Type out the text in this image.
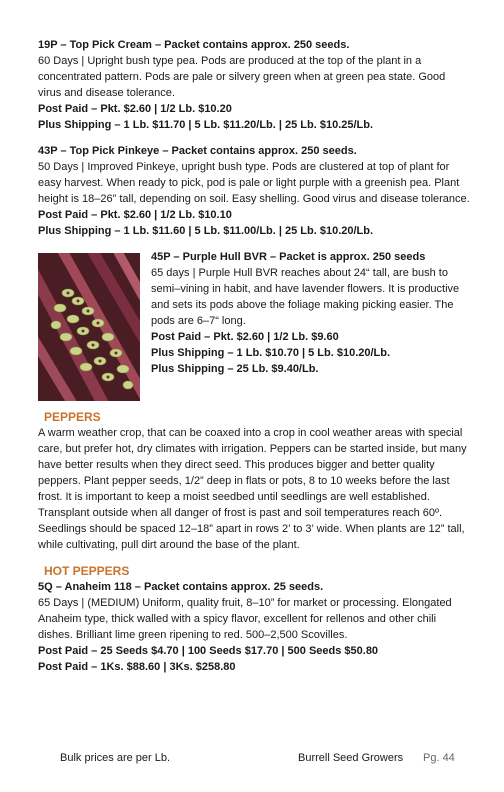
19P – Top Pick Cream – Packet contains approx. 250 seeds.

60 Days | Upright bush type pea. Pods are produced at the top of the plant in a concentrated pattern. Pods are pale or silvery green when at green pea state. Good virus and disease tolerance.

Post Paid – Pkt. $2.60 | 1/2 Lb. $10.20
Plus Shipping – 1 Lb. $11.70 | 5 Lb. $11.20/Lb. | 25 Lb. $10.25/Lb.
43P – Top Pick Pinkeye – Packet contains approx. 250 seeds.

50 Days | Improved Pinkeye, upright bush type. Pods are clustered at top of plant for easy harvest. When ready to pick, pod is pale or light purple with a greenish pea. Plant height is 18–26” tall, depending on soil. Easy shelling. Good virus and disease tolerance. Post Paid – Pkt. $2.60 | 1/2 Lb. $10.10

Plus Shipping – 1 Lb. $11.60 | 5 Lb. $11.00/Lb. | 25 Lb. $10.20/Lb.
45P – Purple Hull BVR – Packet is approx. 250 seeds

65 days | Purple Hull BVR reaches about 24“ tall, are bush to semi–vining in habit, and have lavender flowers. It is productive and sets its pods above the foliage making picking easier. The pods are 6–7“ long.

Post Paid – Pkt. $2.60 | 1/2 Lb. $9.60
Plus Shipping – 1 Lb. $10.70 | 5 Lb. $10.20/Lb.
Plus Shipping – 25 Lb. $9.40/Lb.
PEPPERS

A warm weather crop, that can be coaxed into a crop in cool weather areas with special care, but prefer hot, dry climates with irrigation. Peppers can be started inside, but many have better results when they direct seed. This produces bigger and better quality peppers. Plant pepper seeds, 1/2” deep in flats or pots, 8 to 10 weeks before the last frost. It is important to keep a moist seedbed until seedlings are well established. Transplant outside when all danger of frost is past and soil temperatures reach 60º. Seedlings should be spaced 12–18” apart in rows 2’ to 3’ wide. When plants are 12” tall, while cultivating, pull dirt around the base of the plant.

HOT PEPPERS
5Q – Anaheim 118 – Packet contains approx. 25 seeds.

65 Days | (MEDIUM) Uniform, quality fruit, 8–10” for market or processing. Elongated Anaheim type, thick walled with a spicy flavor, excellent for rellenos and other chili dishes. Brilliant lime green ripening to red. 500–2,500 Scovilles.

Post Paid – 25 Seeds $4.70 | 100 Seeds $17.70 | 500 Seeds $50.80
Post Paid – 1Ks. $88.60 | 3Ks. $258.80
Bulk prices are per Lb.	Burrell Seed Growers Pg. 44
